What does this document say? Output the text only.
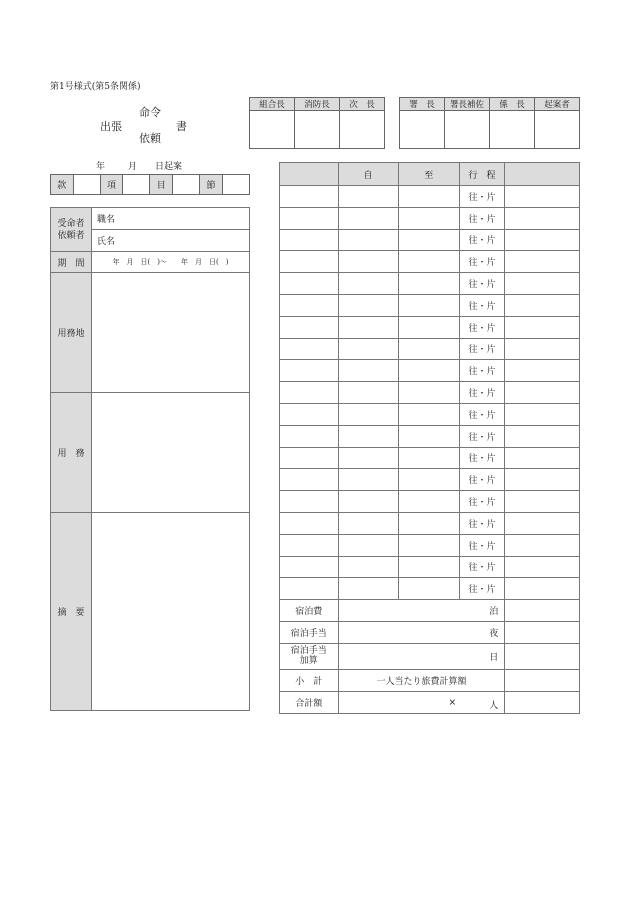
第1号様式(第5条関係)
出張
命令
依頼
書
組合長	消防長	次　長
			署　長	署長補佐	係　長	起案者

年	月 日起案
款		項		目		節	
受命者
依頼者	職名
	氏名
期　間	年　月　日(　)～　　年　月　日(　)
用務地	
用　務	
摘　要	
	自	至	行　程	
			往・片	
			往・片	
			往・片	
			往・片	
			往・片	
			往・片	
			往・片	
			往・片	
			往・片	
			往・片	
			往・片	
			往・片	
			往・片	
			往・片	
			往・片	
			往・片	
			往・片	
			往・片	
			往・片	
宿泊費	泊			
宿泊手当	夜			
宿泊手当
加算	日			
小　計	一人当たり旅費計算額			
合計額	× 人			
